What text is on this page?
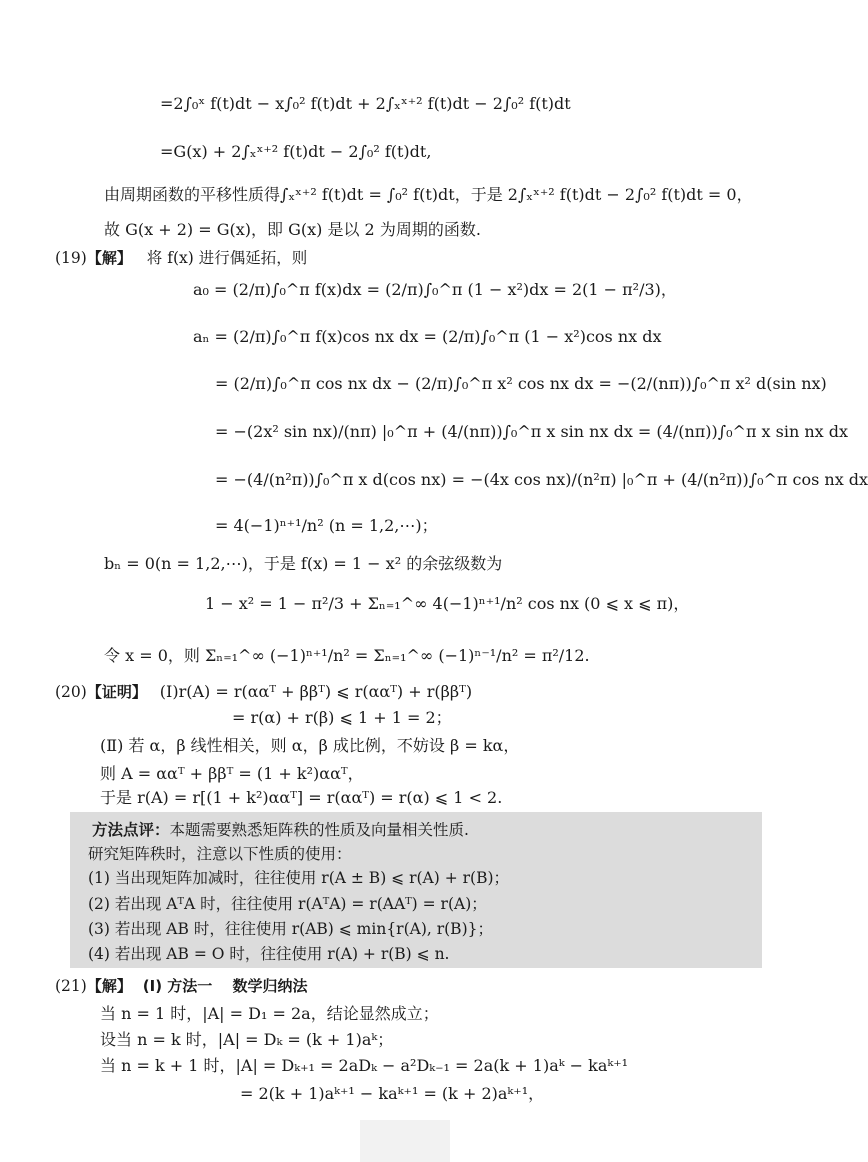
=2∫₀ˣ f(t)dt − x∫₀² f(t)dt + 2∫ₓˣ⁺² f(t)dt − 2∫₀² f(t)dt
=G(x) + 2∫ₓˣ⁺² f(t)dt − 2∫₀² f(t)dt,
由周期函数的平移性质得∫ₓˣ⁺² f(t)dt = ∫₀² f(t)dt，于是 2∫ₓˣ⁺² f(t)dt − 2∫₀² f(t)dt = 0，
故 G(x + 2) = G(x)，即 G(x) 是以 2 为周期的函数.
(19)【解】 将 f(x) 进行偶延拓，则
a₀ = (2/π)∫₀^π f(x)dx = (2/π)∫₀^π (1 − x²)dx = 2(1 − π²/3)，
aₙ = (2/π)∫₀^π f(x)cos nx dx = (2/π)∫₀^π (1 − x²)cos nx dx
= (2/π)∫₀^π cos nx dx − (2/π)∫₀^π x² cos nx dx = −(2/(nπ))∫₀^π x² d(sin nx)
= −(2x² sin nx)/(nπ) |₀^π + (4/(nπ))∫₀^π x sin nx dx = (4/(nπ))∫₀^π x sin nx dx
= −(4/(n²π))∫₀^π x d(cos nx) = −(4x cos nx)/(n²π) |₀^π + (4/(n²π))∫₀^π cos nx dx
= 4(−1)ⁿ⁺¹/n² (n = 1,2,⋯)；
bₙ = 0(n = 1,2,⋯)，于是 f(x) = 1 − x² 的余弦级数为
1 − x² = 1 − π²/3 + Σₙ₌₁^∞ 4(−1)ⁿ⁺¹/n² cos nx (0 ⩽ x ⩽ π)，
令 x = 0，则 Σₙ₌₁^∞ (−1)ⁿ⁺¹/n² = Σₙ₌₁^∞ (−1)ⁿ⁻¹/n² = π²/12.
(20)【证明】 (Ⅰ)r(A) = r(ααᵀ + ββᵀ) ⩽ r(ααᵀ) + r(ββᵀ)
= r(α) + r(β) ⩽ 1 + 1 = 2；
(Ⅱ) 若 α，β 线性相关，则 α，β 成比例，不妨设 β = kα，
则 A = ααᵀ + ββᵀ = (1 + k²)ααᵀ，
于是 r(A) = r[(1 + k²)ααᵀ] = r(ααᵀ) = r(α) ⩽ 1 < 2.
方法点评：本题需要熟悉矩阵秩的性质及向量相关性质.
研究矩阵秩时，注意以下性质的使用：
(1) 当出现矩阵加减时，往往使用 r(A ± B) ⩽ r(A) + r(B)；
(2) 若出现 AᵀA 时，往往使用 r(AᵀA) = r(AAᵀ) = r(A)；
(3) 若出现 AB 时，往往使用 r(AB) ⩽ min{r(A), r(B)}；
(4) 若出现 AB = O 时，往往使用 r(A) + r(B) ⩽ n.
(21)【解】 (Ⅰ) 方法一　 数学归纳法
当 n = 1 时，|A| = D₁ = 2a，结论显然成立；
设当 n = k 时，|A| = Dₖ = (k + 1)aᵏ；
当 n = k + 1 时，|A| = Dₖ₊₁ = 2aDₖ − a²Dₖ₋₁ = 2a(k + 1)aᵏ − kaᵏ⁺¹
= 2(k + 1)aᵏ⁺¹ − kaᵏ⁺¹ = (k + 2)aᵏ⁺¹，
